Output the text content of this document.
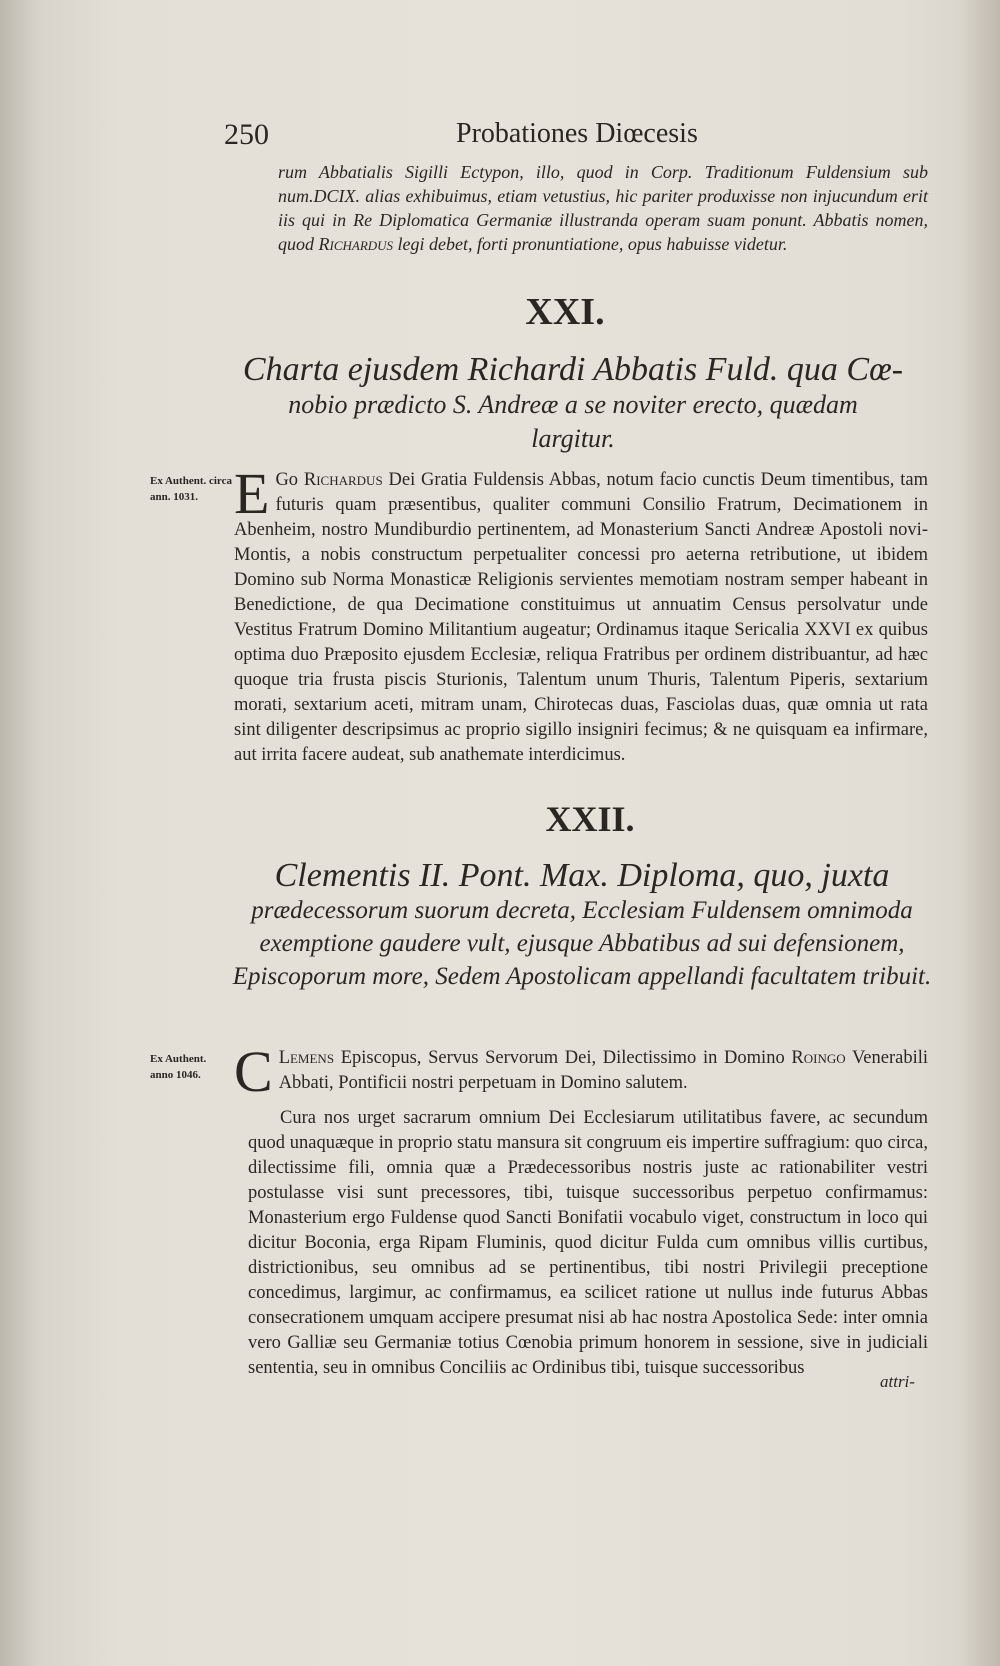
250	Probationes Diœcesis
rum Abbatialis Sigilli Ectypon, illo, quod in Corp. Traditionum Fuldensium sub num.DCIX. alias exhibuimus, etiam vetustius, hic pariter produxisse non injucundum erit iis qui in Re Diplomatica Germaniæ illustranda operam suam ponunt. Abbatis nomen, quod Richardus legi debet, forti pronuntiatione, opus habuisse videtur.
XXI.
Charta ejusdem Richardi Abbatis Fuld. qua Cœ-
nobio prædicto S. Andreæ a se noviter erecto, quædam
largitur.
Ex Authent. circa ann. 1031. E Go Richardus Dei Gratia Fuldensis Abbas, notum facio cunctis Deum timentibus, tam futuris quam præsentibus, qualiter communi Consilio Fratrum, Decimationem in Abenheim, nostro Mundiburdio pertinentem, ad Monasterium Sancti Andreæ Apostoli novi-Montis, a nobis constructum perpetualiter concessi pro aeterna retributione, ut ibidem Domino sub Norma Monasticæ Religionis servientes memotiam nostram semper habeant in Benedictione, de qua Decimatione constituimus ut annuatim Census persolvatur unde Vestitus Fratrum Domino Militantium augeatur; Ordinamus itaque Sericalia XXVI ex quibus optima duo Præposito ejusdem Ecclesiæ, reliqua Fratribus per ordinem distribuantur, ad hæc quoque tria frusta piscis Sturionis, Talentum unum Thuris, Talentum Piperis, sextarium morati, sextarium aceti, mitram unam, Chirotecas duas, Fasciolas duas, quæ omnia ut rata sint diligenter descripsimus ac proprio sigillo insigniri fecimus; & ne quisquam ea infirmare, aut irrita facere audeat, sub anathemate interdicimus.
XXII.
Clementis II. Pont. Max. Diploma, quo, juxta
prædecessorum suorum decreta, Ecclesiam Fuldensem omnimoda exemptione gaudere vult, ejusque Abbatibus ad sui defensionem, Episcoporum more, Sedem Apostolicam appellandi facultatem tribuit.
Ex Authent. anno 1046. C Lemens Episcopus, Servus Servorum Dei, Dilectissimo in Domino Roingo Venerabili Abbati, Pontificii nostri perpetuam in Domino salutem.
Cura nos urget sacrarum omnium Dei Ecclesiarum utilitatibus favere, ac secundum quod unaquæque in proprio statu mansura sit congruum eis impertire suffragium: quo circa, dilectissime fili, omnia quæ a Prædecessoribus nostris juste ac rationabiliter vestri postulasse visi sunt precessores, tibi, tuisque successoribus perpetuo confirmamus: Monasterium ergo Fuldense quod Sancti Bonifatii vocabulo viget, constructum in loco qui dicitur Boconia, erga Ripam Fluminis, quod dicitur Fulda cum omnibus villis curtibus, districtionibus, seu omnibus ad se pertinentibus, tibi nostri Privilegii preceptione concedimus, largimur, ac confirmamus, ea scilicet ratione ut nullus inde futurus Abbas consecrationem umquam accipere presumat nisi ab hac nostra Apostolica Sede: inter omnia vero Galliæ seu Germaniæ totius Cœnobia primum honorem in sessione, sive in judiciali sententia, seu in omnibus Conciliis ac Ordinibus tibi, tuisque successoribus
attri-
